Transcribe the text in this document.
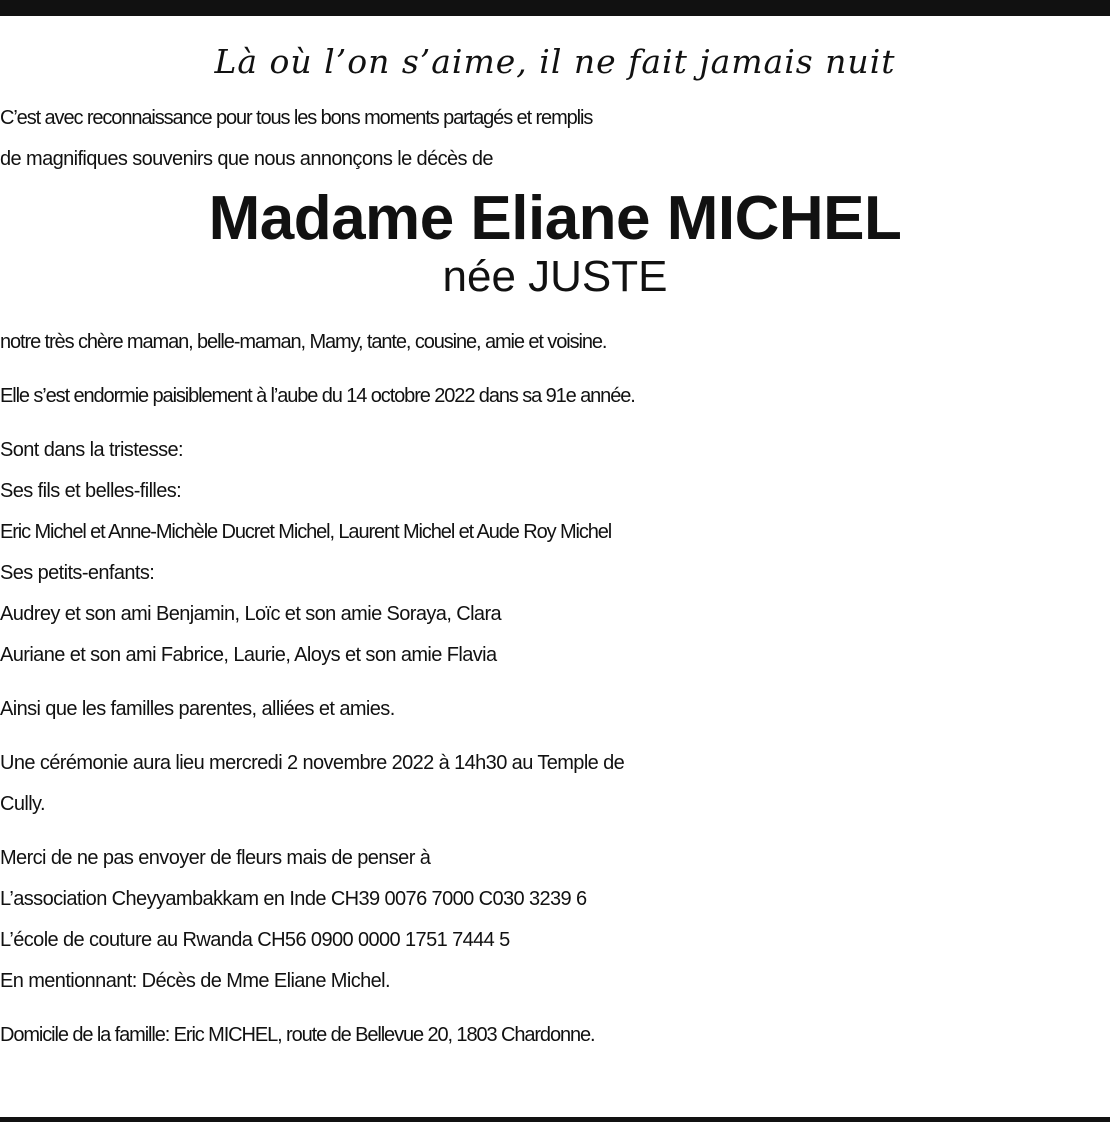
Là où l’on s’aime, il ne fait jamais nuit

C’est avec reconnaissance pour tous les bons moments partagés et remplis

de magnifiques souvenirs que nous annonçons le décès de

Madame Eliane MICHEL

née JUSTE

notre très chère maman, belle-maman, Mamy, tante, cousine, amie et voisine.

Elle s’est endormie paisiblement à l’aube du 14 octobre 2022 dans sa 91e année.

Sont dans la tristesse:

Ses fils et belles-filles:

Eric Michel et Anne-Michèle Ducret Michel, Laurent Michel et Aude Roy Michel

Ses petits-enfants:

Audrey et son ami Benjamin, Loïc et son amie Soraya, Clara

Auriane et son ami Fabrice, Laurie, Aloys et son amie Flavia

Ainsi que les familles parentes, alliées et amies.

Une cérémonie aura lieu mercredi 2 novembre 2022 à 14h30 au Temple de

Cully.

Merci de ne pas envoyer de fleurs mais de penser à

L’association Cheyyambakkam en Inde CH39 0076 7000 C030 3239 6

L’école de couture au Rwanda CH56 0900 0000 1751 7444 5

En mentionnant: Décès de Mme Eliane Michel.

Domicile de la famille: Eric MICHEL, route de Bellevue 20, 1803 Chardonne.
